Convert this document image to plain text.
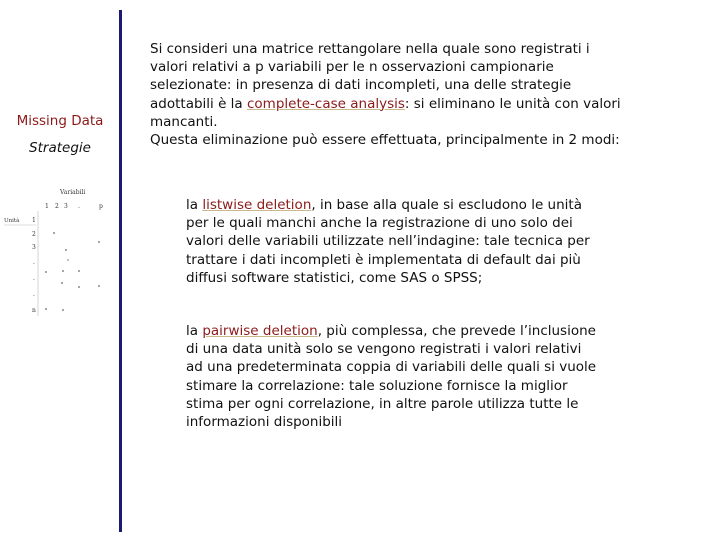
Missing Data
Strategie
Variabili
1 2 3 .	p
Unità 1
2
3
.
.
.
n

Si consideri una matrice rettangolare nella quale sono registrati i
valori relativi a p variabili per le n osservazioni campionarie
selezionate: in presenza di dati incompleti, una delle strategie
adottabili è la complete-case analysis: si eliminano le unità con valori
mancanti.
Questa eliminazione può essere effettuata, principalmente in 2 modi:

la listwise deletion, in base alla quale si escludono le unità
per le quali manchi anche la registrazione di uno solo dei
valori delle variabili utilizzate nell’indagine: tale tecnica per
trattare i dati incompleti è implementata di default dai più
diffusi software statistici, come SAS o SPSS;

la pairwise deletion, più complessa, che prevede l’inclusione
di una data unità solo se vengono registrati i valori relativi
ad una predeterminata coppia di variabili delle quali si vuole
stimare la correlazione: tale soluzione fornisce la miglior
stima per ogni correlazione, in altre parole utilizza tutte le
informazioni disponibili
